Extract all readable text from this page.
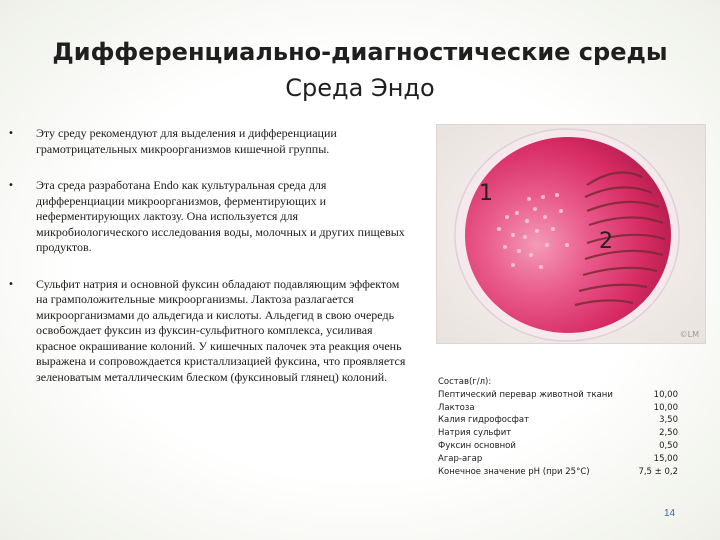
Дифференциально-диагностические среды
Среда Эндо
• Эту среду рекомендуют для выделения и дифференциации грамотрицательных микроорганизмов кишечной группы.
• Эта среда разработана Endo как культуральная среда для дифференциации микроорганизмов, ферментирующих и неферментирующих лактозу. Она используется для микробиологического исследования воды, молочных и других пищевых продуктов.
• Сульфит натрия и основной фуксин обладают подавляющим эффектом на грамположительные микроорганизмы. Лактоза разлагается микроорганизмами до альдегида и кислоты. Альдегид в свою очередь освобождает фуксин из фуксин-сульфитного комплекса, усиливая красное окрашивание колоний. У кишечных палочек эта реакция очень выражена и сопровождается кристаллизацией фуксина, что проявляется зеленоватым металлическим блеском (фуксиновый глянец) колоний.
1
2
©LM
Состав(г/л):
Пептический перевар животной ткани	10,00
Лактоза	10,00
Калия гидрофосфат	3,50
Натрия сульфит	2,50
Фуксин основной	0,50
Агар-агар	15,00
Конечное значение рН (при 25°С)	7,5 ± 0,2
14
